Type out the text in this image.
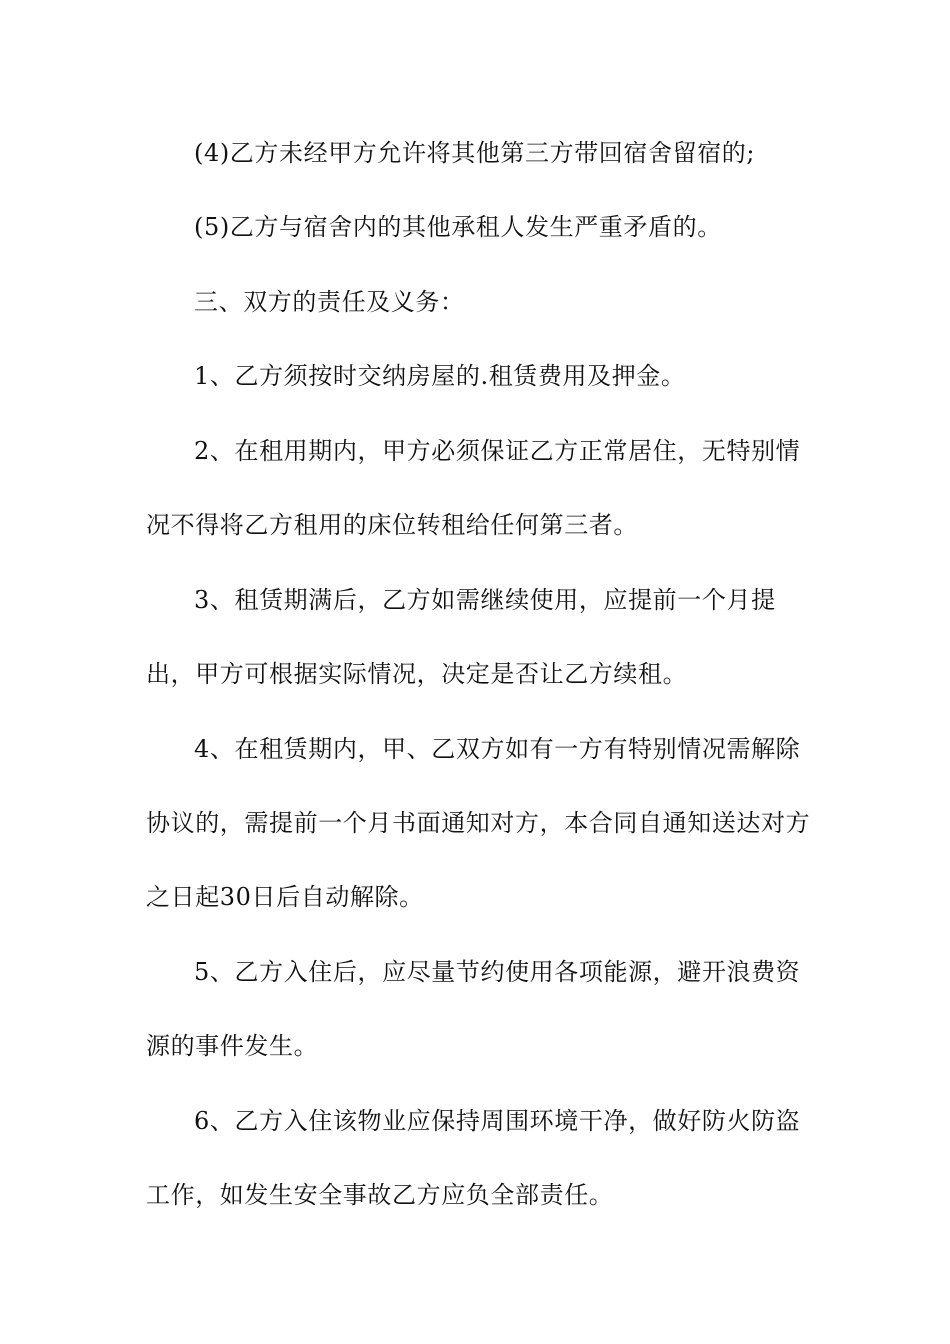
(4)乙方未经甲方允许将其他第三方带回宿舍留宿的;

(5)乙方与宿舍内的其他承租人发生严重矛盾的。

三、双方的责任及义务：

1、乙方须按时交纳房屋的.租赁费用及押金。

2、在租用期内，甲方必须保证乙方正常居住，无特别情况不得将乙方租用的床位转租给任何第三者。

3、租赁期满后，乙方如需继续使用，应提前一个月提出，甲方可根据实际情况，决定是否让乙方续租。

4、在租赁期内，甲、乙双方如有一方有特别情况需解除协议的，需提前一个月书面通知对方，本合同自通知送达对方之日起30日后自动解除。

5、乙方入住后，应尽量节约使用各项能源，避开浪费资源的事件发生。

6、乙方入住该物业应保持周围环境干净，做好防火防盗工作，如发生安全事故乙方应负全部责任。
